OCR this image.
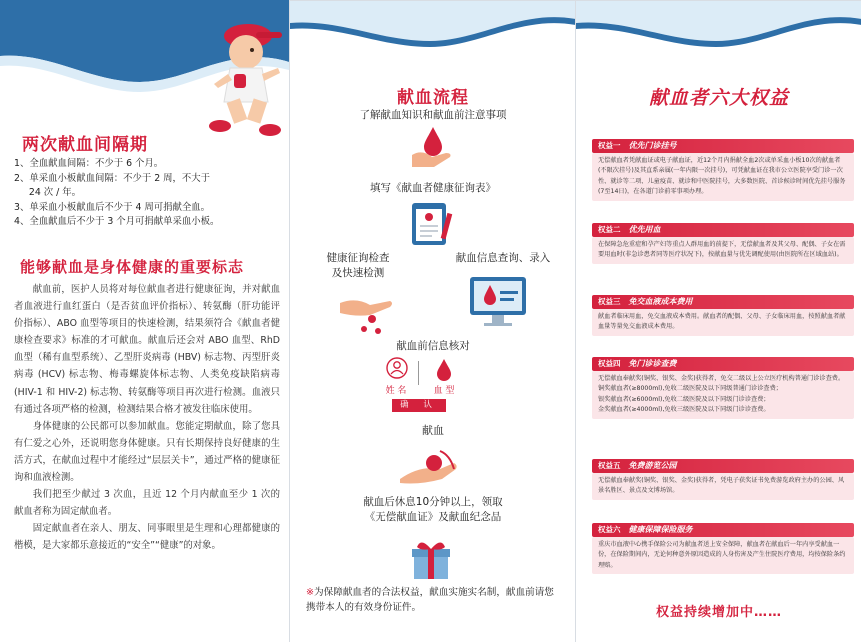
两次献血间隔期
1、全血献血间隔：不少于 6 个月。
2、单采血小板献血间隔：不少于 2 周，不大于
24 次 / 年。
3、单采血小板献血后不少于 4 周可捐献全血。
4、全血献血后不少于 3 个月可捐献单采血小板。
能够献血是身体健康的重要标志

献血前，医护人员将对每位献血者进行健康征询，并对献血者血液进行血红蛋白（是否贫血评价指标）、转氨酶（肝功能评价指标）、ABO 血型等项目的快速检测，结果须符合《献血者健康检查要求》标准的才可献血。献血后还会对 ABO 血型、RhD 血型（稀有血型系统）、乙型肝炎病毒 (HBV) 标志物、丙型肝炎病毒 (HCV) 标志物、梅毒螺旋体标志物、人类免疫缺陷病毒 (HIV-1 和 HIV-2) 标志物、转氨酶等项目再次进行检测。血液只有通过各项严格的检测，检测结果合格才被发往临床使用。

身体健康的公民都可以参加献血。您能定期献血，除了您具有仁爱之心外，还说明您身体健康。只有长期保持良好健康的生活方式，在献血过程中才能经过“层层关卡”，通过严格的健康征询和血液检测。

我们把至少献过 3 次血，且近 12 个月内献血至少 1 次的献血者称为固定献血者。

固定献血者在亲人、朋友、同事眼里是生理和心理都健康的楷模，是大家都乐意接近的“安全”“健康”的对象。

献血流程
了解献血知识和献血前注意事项
填写《献血者健康征询表》
健康征询检查
及快速检测
献血信息查询、录入
献血前信息核对
姓 名	血 型
确 认
献血
献血后休息10分钟以上，领取
《无偿献血证》及献血纪念品
※为保障献血者的合法权益，献血实施实名制，献血前请您携带本人的有效身份证件。
献血者六大权益
权益一 优先门诊挂号
无偿献血者凭献血证或电子献血证，近12个月内捐献全血2次或单采血小板10次的献血者(不限次挂号)及其直系亲属(一年内限一次挂号)，可凭献血证在我市公立医院享受门诊一次性、就诊等二项、儿童疫苗、就诊和中医院挂号，大多数医院、首诊候诊时间优先挂号服务(7至14日)，在各道门诊前零事项办理。
权益二 优先用血
在保障急危重症和孕产妇等重点人群用血的前提下，无偿献血者及其父母、配偶、子女在需要用血时(非急诊患者同等医疗状况下)，按献血量与优先调配使用(由医院所在区域血站)。
权益三 免交血液成本费用
献血者临床用血，免交血液成本费用。献血者的配偶、父母、子女临床用血，按照献血者献血量等量免交血液成本费用。
权益四 免门诊诊查费
无偿献血奉献奖(铜奖、银奖、金奖)获得者，免交二级以上公立医疗机构普通门诊诊查费。
铜奖献血者(≥8000ml),免收二级医院及以下同级普通门诊诊查费；
银奖献血者(≥6000ml),免收二级医院及以下同级门诊诊查费；
金奖献血者(≥4000ml),免收三级医院及以下同级门诊诊查费。
权益五 免费游览公园
无偿献血奉献奖(铜奖、银奖、金奖)获得者，凭电子获奖证书免费游览政府主办的公园、风景名胜区、景点及文博场馆。
权益六 健康保障保险服务
重庆市血液中心携手保险公司为献血者送上安全保障，献血者在献血后一年内享受献血一份，在保险期间内，无论何种意外原因造成的人身伤害及产生住院医疗费用，均按保险条约理赔。
权益持续增加中……
